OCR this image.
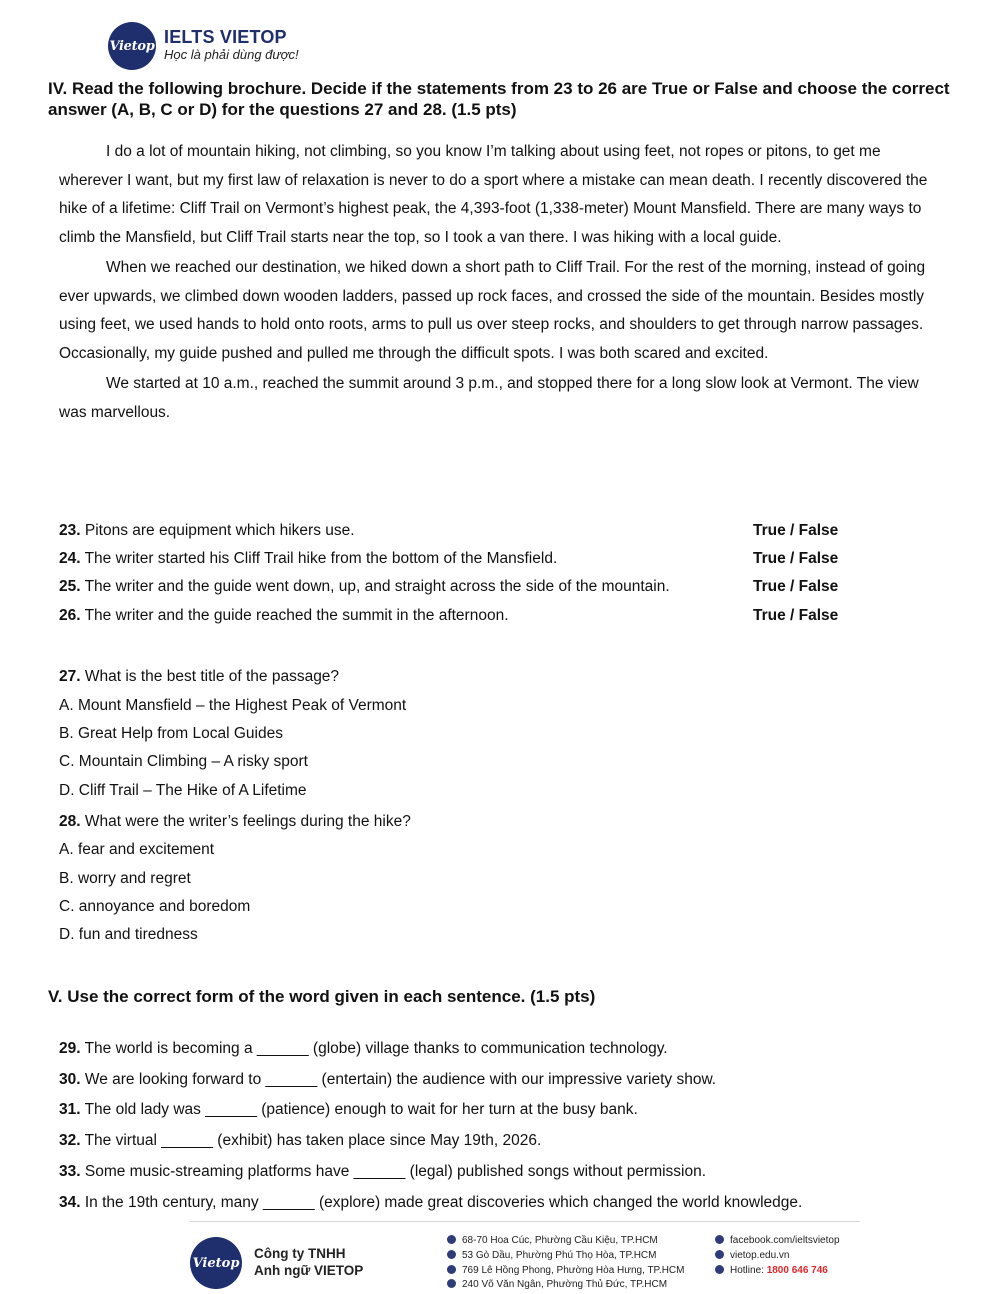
Vietop IELTS VIETOP
Học là phải dùng được!
IV. Read the following brochure. Decide if the statements from 23 to 26 are True or False and choose the correct answer (A, B, C or D) for the questions 27 and 28. (1.5 pts)

I do a lot of mountain hiking, not climbing, so you know I’m talking about using feet, not ropes or pitons, to get me wherever I want, but my first law of relaxation is never to do a sport where a mistake can mean death. I recently discovered the hike of a lifetime: Cliff Trail on Vermont’s highest peak, the 4,393-foot (1,338-meter) Mount Mansfield. There are many ways to climb the Mansfield, but Cliff Trail starts near the top, so I took a van there. I was hiking with a local guide.

When we reached our destination, we hiked down a short path to Cliff Trail. For the rest of the morning, instead of going ever upwards, we climbed down wooden ladders, passed up rock faces, and crossed the side of the mountain. Besides mostly using feet, we used hands to hold onto roots, arms to pull us over steep rocks, and shoulders to get through narrow passages. Occasionally, my guide pushed and pulled me through the difficult spots. I was both scared and excited.

We started at 10 a.m., reached the summit around 3 p.m., and stopped there for a long slow look at Vermont. The view was marvellous.

23. Pitons are equipment which hikers use.	True / False
24. The writer started his Cliff Trail hike from the bottom of the Mansfield.	True / False
25. The writer and the guide went down, up, and straight across the side of the mountain.	True / False
26. The writer and the guide reached the summit in the afternoon.	True / False
27. What is the best title of the passage?
A. Mount Mansfield – the Highest Peak of Vermont
B. Great Help from Local Guides
C. Mountain Climbing – A risky sport
D. Cliff Trail – The Hike of A Lifetime
28. What were the writer’s feelings during the hike?
A. fear and excitement
B. worry and regret
C. annoyance and boredom
D. fun and tiredness
V. Use the correct form of the word given in each sentence. (1.5 pts)
29. The world is becoming a ______ (globe) village thanks to communication technology.
30. We are looking forward to ______ (entertain) the audience with our impressive variety show.
31. The old lady was ______ (patience) enough to wait for her turn at the busy bank.
32. The virtual ______ (exhibit) has taken place since May 19th, 2026.
33. Some music-streaming platforms have ______ (legal) published songs without permission.
34. In the 19th century, many ______ (explore) made great discoveries which changed the world knowledge.
Vietop
Công ty TNHH
Anh ngữ VIETOP
68-70 Hoa Cúc, Phường Cầu Kiệu, TP.HCM
53 Gò Dầu, Phường Phú Thọ Hòa, TP.HCM
769 Lê Hồng Phong, Phường Hòa Hưng, TP.HCM
240 Võ Văn Ngân, Phường Thủ Đức, TP.HCM
facebook.com/ieltsvietop
vietop.edu.vn
Hotline: 1800 646 746
